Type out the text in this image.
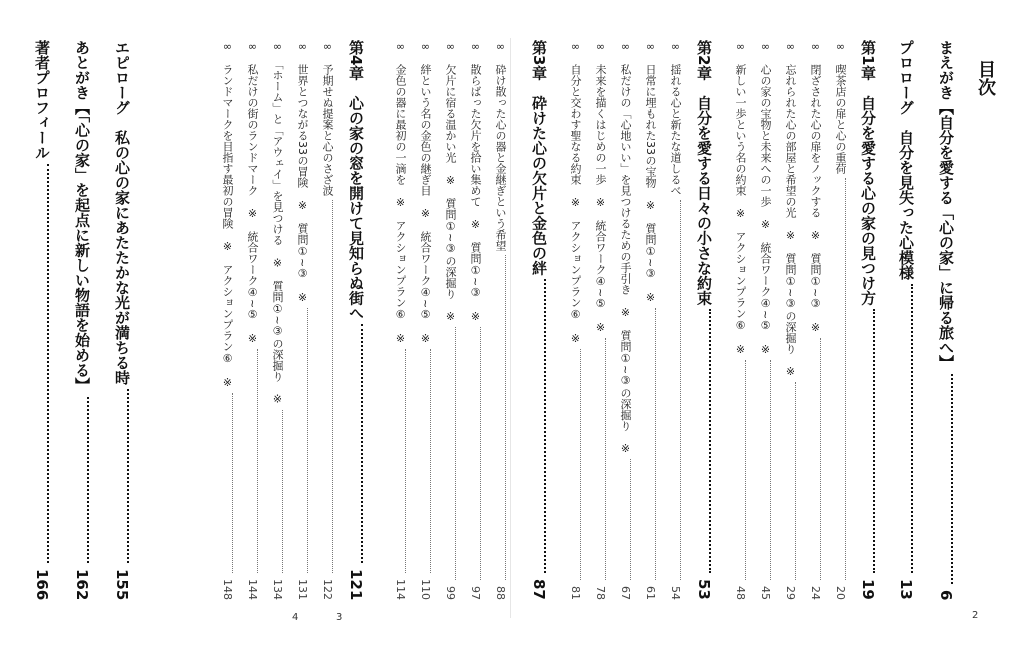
目次
まえがき【自分を愛する「心の家」に帰る旅へ】
6
プロローグ　自分を見失った心模様
13
第1章　自分を愛する心の家の見つけ方
19
∞　喫茶店の扉と心の重荷
20
∞　閉ざされた心の扉をノックする　※　質問①~③　※
24
∞　忘れられた心の部屋と希望の光　※　質問①~③の深掘り　※
29
∞　心の家の宝物と未来への一歩　※　統合ワーク④~⑤　※
45
∞　新しい一歩という名の約束　※　アクションプラン⑥　※
48
第2章　自分を愛する日々の小さな約束
53
∞　揺れる心と新たな道しるべ
54
∞　日常に埋もれた33の宝物　※　質問①~③　※
61
∞　私だけの「心地いい」を見つけるための手引き　※　質問①~③の深掘り　※
67
∞　未来を描くはじめの一歩　※　統合ワーク④~⑤　※
78
∞　自分と交わす聖なる約束　※　アクションプラン⑥　※
81
第3章　砕けた心の欠片と金色の絆
87
∞　砕け散った心の器と金継ぎという希望
88
∞　散らばった欠片を拾い集めて　※　質問①~③　※
97
∞　欠片に宿る温かい光　※　質問①~③の深掘り　※
99
∞　絆という名の金色の継ぎ目　※　統合ワーク④~⑤　※
110
∞　金色の器に最初の一滴を　※　アクションプラン⑥　※
114
第4章　心の家の窓を開けて見知らぬ街へ
121
∞　予期せぬ提案と心のさざ波
122
∞　世界とつながる33の冒険　※　質問①~③　※
131
∞　「ホーム」と「アウェイ」を見つける　※　質問①~③の深掘り　※
134
∞　私だけの街のランドマーク　※　統合ワーク④~⑤　※
144
∞　ランドマークを目指す最初の冒険　※　アクションプラン⑥　※
148
エピローグ　私の心の家にあたたかな光が満ちる時
155
あとがき【「心の家」を起点に新しい物語を始める】
162
著者プロフィール
166
2
4	3
